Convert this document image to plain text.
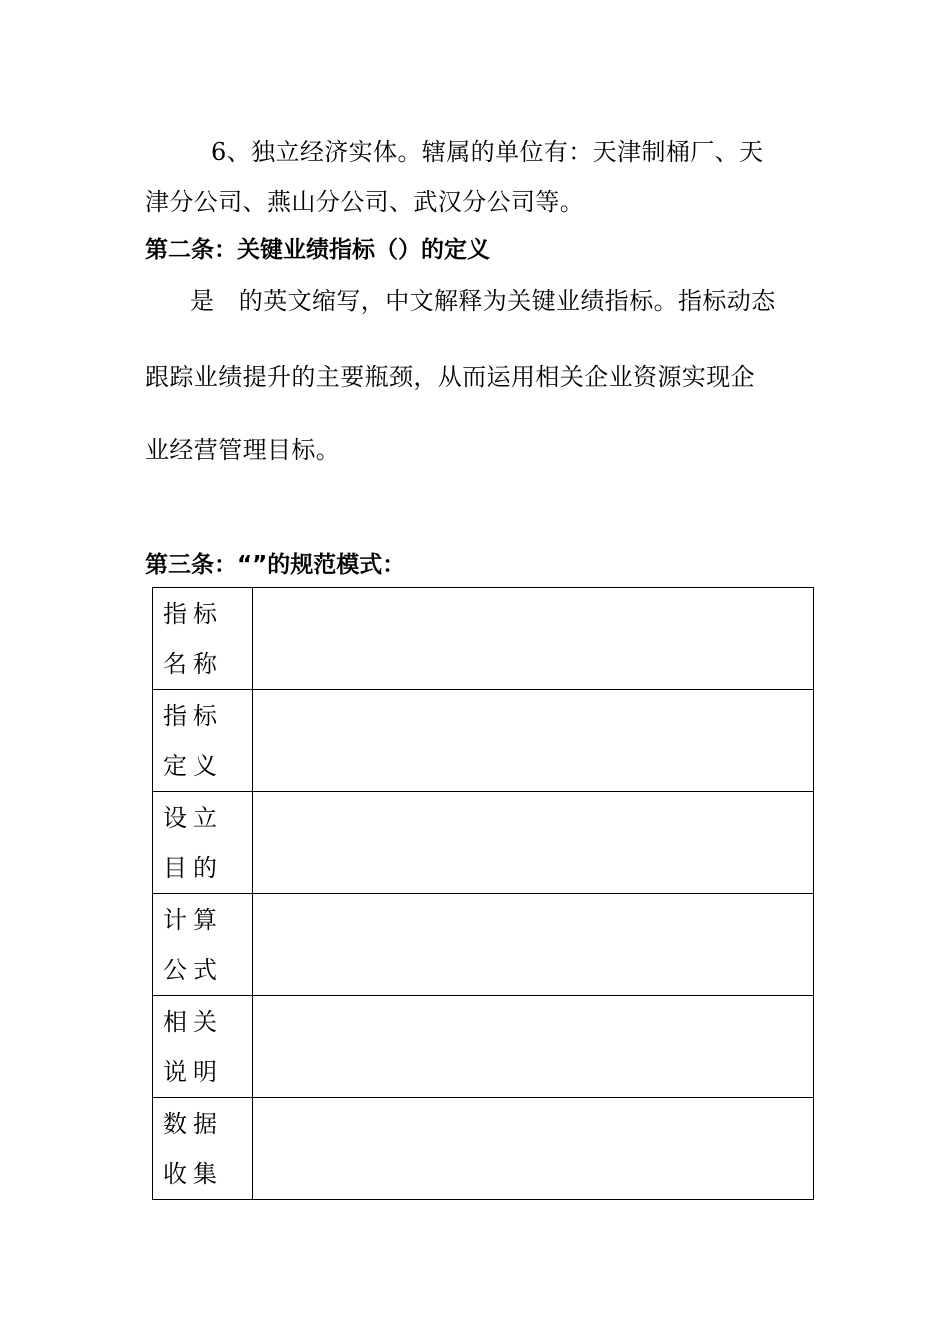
6、独立经济实体。辖属的单位有：天津制桶厂、天
津分公司、燕山分公司、武汉分公司等。
第二条：关键业绩指标（）的定义
是　的英文缩写，中文解释为关键业绩指标。指标动态
跟踪业绩提升的主要瓶颈，从而运用相关企业资源实现企
业经营管理目标。
第三条：“”的规范模式：
指标名称	
指标定义	
设立目的	
计算公式	
相关说明	
数据收集	
